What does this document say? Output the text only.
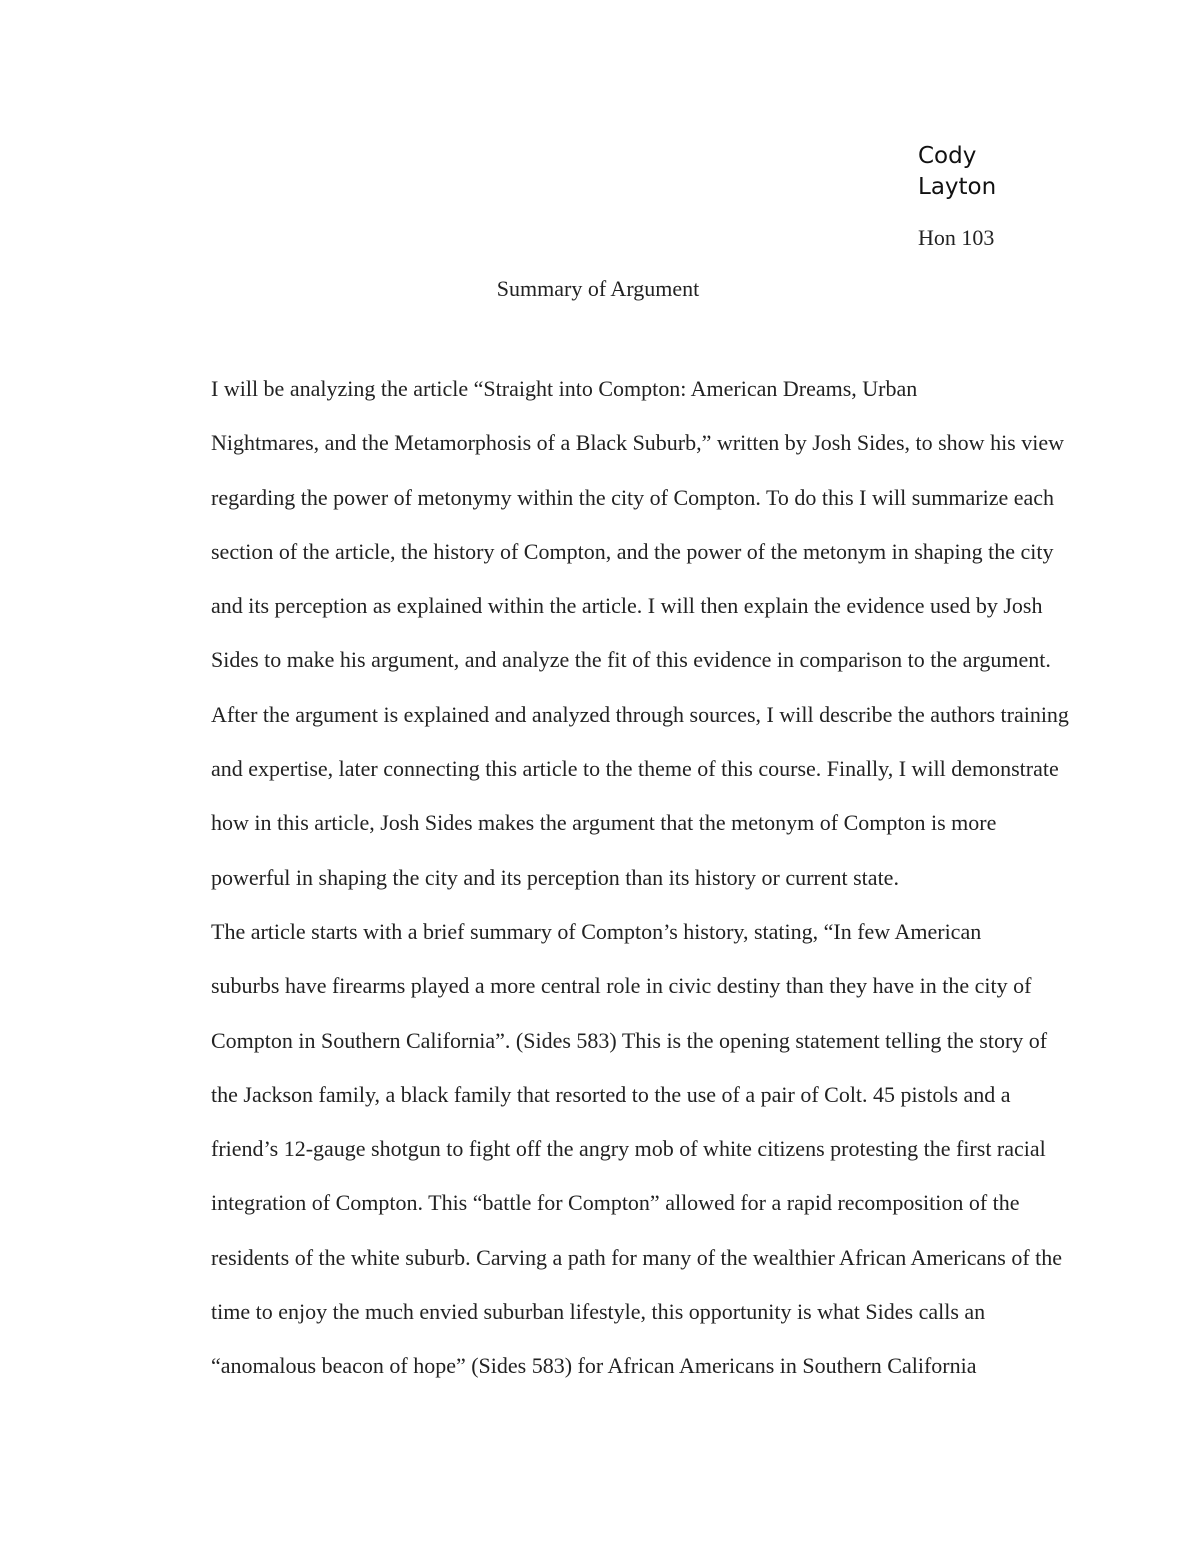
Cody
Layton
Hon 103
Summary of Argument

I will be analyzing the article “Straight into Compton: American Dreams, Urban
Nightmares, and the Metamorphosis of a Black Suburb,” written by Josh Sides, to show his view
regarding the power of metonymy within the city of Compton. To do this I will summarize each
section of the article, the history of Compton, and the power of the metonym in shaping the city
and its perception as explained within the article. I will then explain the evidence used by Josh
Sides to make his argument, and analyze the fit of this evidence in comparison to the argument.
After the argument is explained and analyzed through sources, I will describe the authors training
and expertise, later connecting this article to the theme of this course. Finally, I will demonstrate
how in this article, Josh Sides makes the argument that the metonym of Compton is more
powerful in shaping the city and its perception than its history or current state.

The article starts with a brief summary of Compton’s history, stating, “In few American
suburbs have firearms played a more central role in civic destiny than they have in the city of
Compton in Southern California”. (Sides 583) This is the opening statement telling the story of
the Jackson family, a black family that resorted to the use of a pair of Colt. 45 pistols and a
friend’s 12-gauge shotgun to fight off the angry mob of white citizens protesting the first racial
integration of Compton. This “battle for Compton” allowed for a rapid recomposition of the
residents of the white suburb. Carving a path for many of the wealthier African Americans of the
time to enjoy the much envied suburban lifestyle, this opportunity is what Sides calls an
“anomalous beacon of hope” (Sides 583) for African Americans in Southern California
